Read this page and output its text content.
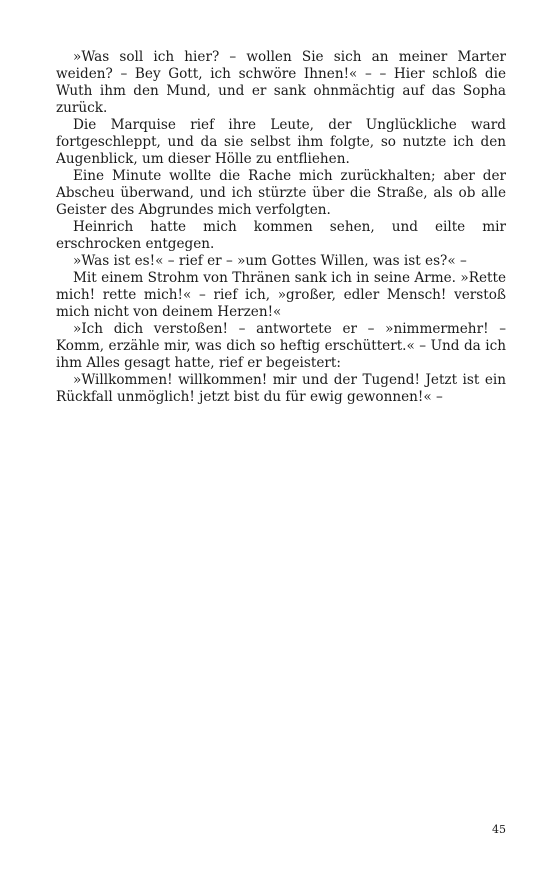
»Was soll ich hier? – wollen Sie sich an meiner Marter weiden? – Bey Gott, ich schwöre Ihnen!« – – Hier schloß die Wuth ihm den Mund, und er sank ohnmächtig auf das Sopha zurück.

Die Marquise rief ihre Leute, der Unglückliche ward fortgeschleppt, und da sie selbst ihm folgte, so nutzte ich den Augenblick, um dieser Hölle zu entfliehen.

Eine Minute wollte die Rache mich zurückhalten; aber der Abscheu überwand, und ich stürzte über die Straße, als ob alle Geister des Abgrundes mich verfolgten.

Heinrich hatte mich kommen sehen, und eilte mir erschrocken entgegen.

»Was ist es!« – rief er – »um Gottes Willen, was ist es?« –

Mit einem Strohm von Thränen sank ich in seine Arme. »Rette mich! rette mich!« – rief ich, »großer, edler Mensch! verstoß mich nicht von deinem Herzen!«

»Ich dich verstoßen! – antwortete er – »nimmermehr! – Komm, erzähle mir, was dich so heftig erschüttert.« – Und da ich ihm Alles gesagt hatte, rief er begeistert:

»Willkommen! willkommen! mir und der Tugend! Jetzt ist ein Rückfall unmöglich! jetzt bist du für ewig gewonnen!« –

45
